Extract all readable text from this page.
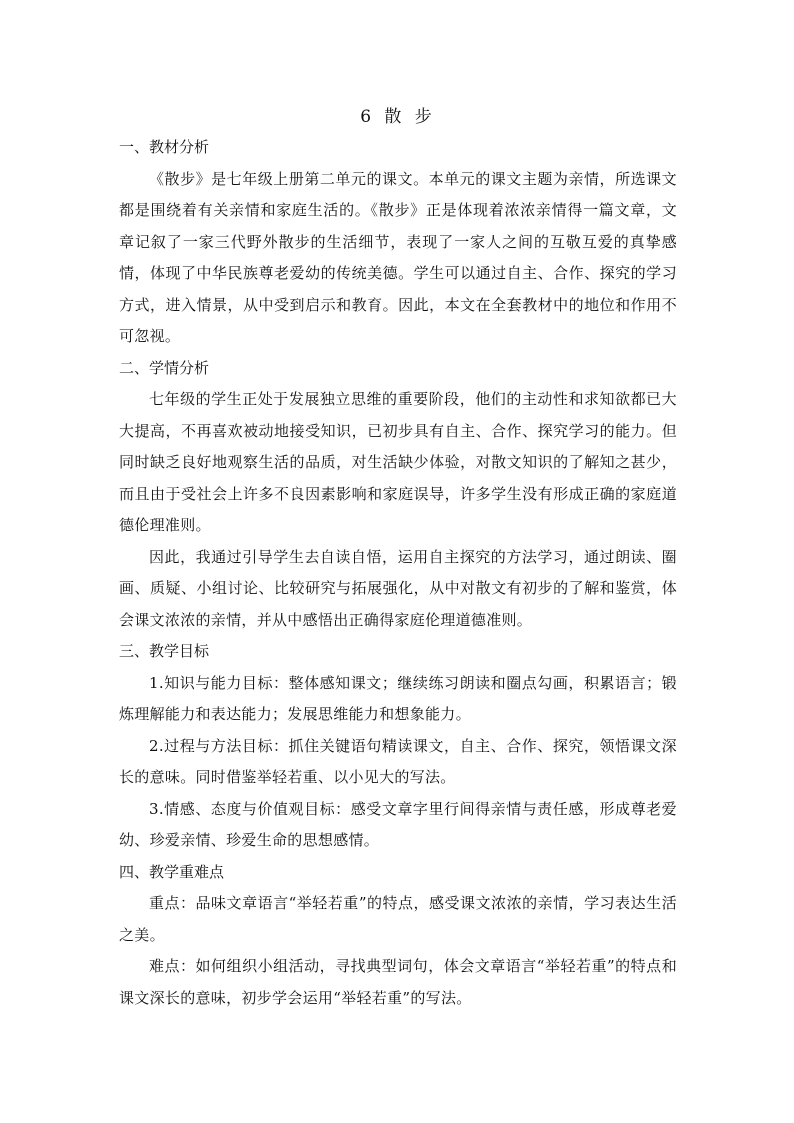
6 散 步
一、教材分析

《散步》是七年级上册第二单元的课文。本单元的课文主题为亲情，所选课文都是围绕着有关亲情和家庭生活的。《散步》正是体现着浓浓亲情得一篇文章，文章记叙了一家三代野外散步的生活细节，表现了一家人之间的互敬互爱的真挚感情，体现了中华民族尊老爱幼的传统美德。学生可以通过自主、合作、探究的学习方式，进入情景，从中受到启示和教育。因此，本文在全套教材中的地位和作用不可忽视。

二、学情分析

七年级的学生正处于发展独立思维的重要阶段，他们的主动性和求知欲都已大大提高，不再喜欢被动地接受知识，已初步具有自主、合作、探究学习的能力。但同时缺乏良好地观察生活的品质，对生活缺少体验，对散文知识的了解知之甚少，而且由于受社会上许多不良因素影响和家庭误导，许多学生没有形成正确的家庭道德伦理准则。

因此，我通过引导学生去自读自悟，运用自主探究的方法学习，通过朗读、圈画、质疑、小组讨论、比较研究与拓展强化，从中对散文有初步的了解和鉴赏，体会课文浓浓的亲情，并从中感悟出正确得家庭伦理道德准则。

三、教学目标

1.知识与能力目标：整体感知课文；继续练习朗读和圈点勾画，积累语言；锻炼理解能力和表达能力；发展思维能力和想象能力。

2.过程与方法目标：抓住关键语句精读课文，自主、合作、探究，领悟课文深长的意味。同时借鉴举轻若重、以小见大的写法。

3.情感、态度与价值观目标：感受文章字里行间得亲情与责任感，形成尊老爱幼、珍爱亲情、珍爱生命的思想感情。

四、教学重难点

重点：品味文章语言“举轻若重”的特点，感受课文浓浓的亲情，学习表达生活之美。

难点：如何组织小组活动，寻找典型词句，体会文章语言“举轻若重”的特点和课文深长的意味，初步学会运用“举轻若重”的写法。
